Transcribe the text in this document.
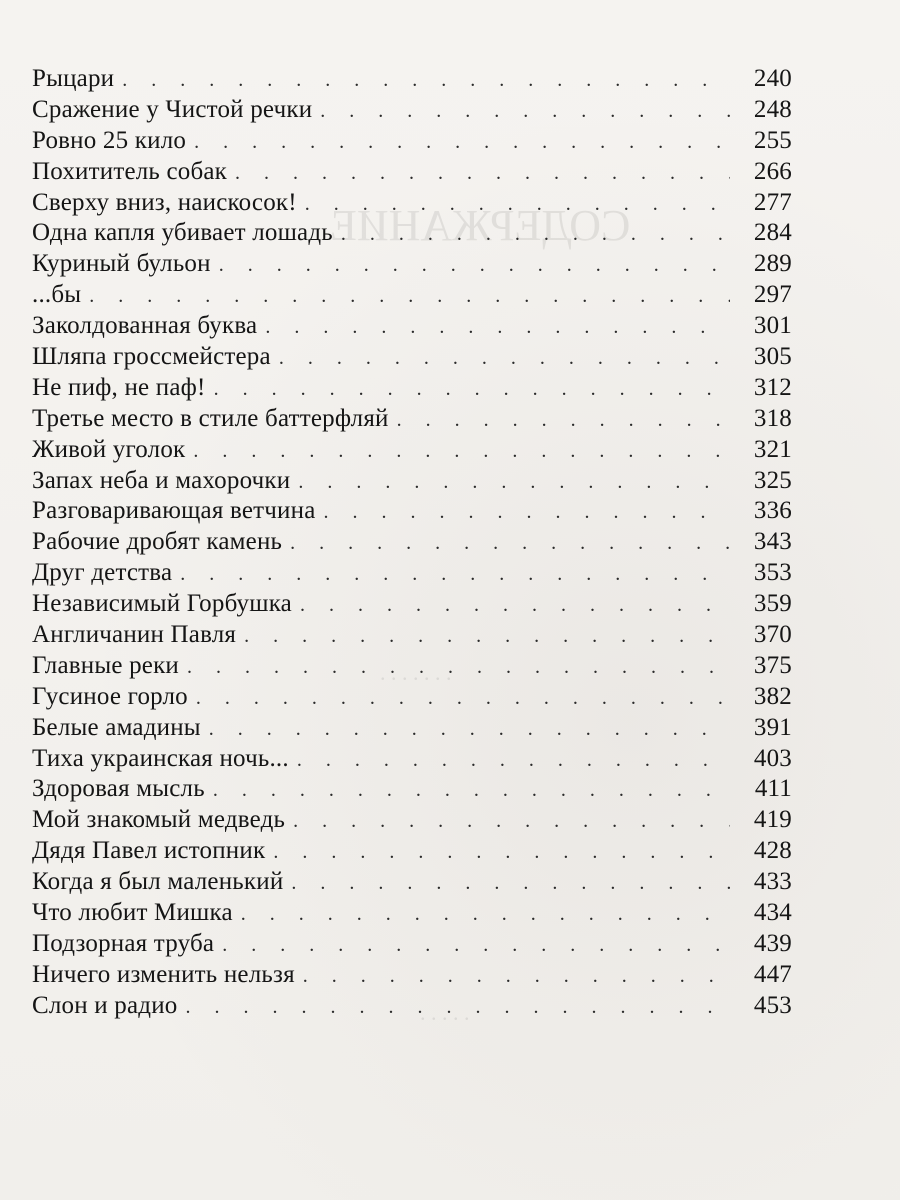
СОДЕРЖАНИЕ
. . . . . . .
. . . . .
Рыцари . . .	240
Сражение у Чистой речки . . .	248
Ровно 25 кило . . .	255
Похититель собак . . .	266
Сверху вниз, наискосок! . . .	277
Одна капля убивает лошадь . . .	284
Куриный бульон . . .	289
...бы . . .	297
Заколдованная буква . . .	301
Шляпа гроссмейстера . . .	305
Не пиф, не паф! . . .	312
Третье место в стиле баттерфляй . . .	318
Живой уголок . . .	321
Запах неба и махорочки . . .	325
Разговаривающая ветчина . . .	336
Рабочие дробят камень . . .	343
Друг детства . . .	353
Независимый Горбушка . . .	359
Англичанин Павля . . .	370
Главные реки . . .	375
Гусиное горло . . .	382
Белые амадины . . .	391
Тиха украинская ночь... . . .	403
Здоровая мысль . . .	411
Мой знакомый медведь . . .	419
Дядя Павел истопник . . .	428
Когда я был маленький . . .	433
Что любит Мишка . . .	434
Подзорная труба . . .	439
Ничего изменить нельзя . . .	447
Слон и радио . . .	453
